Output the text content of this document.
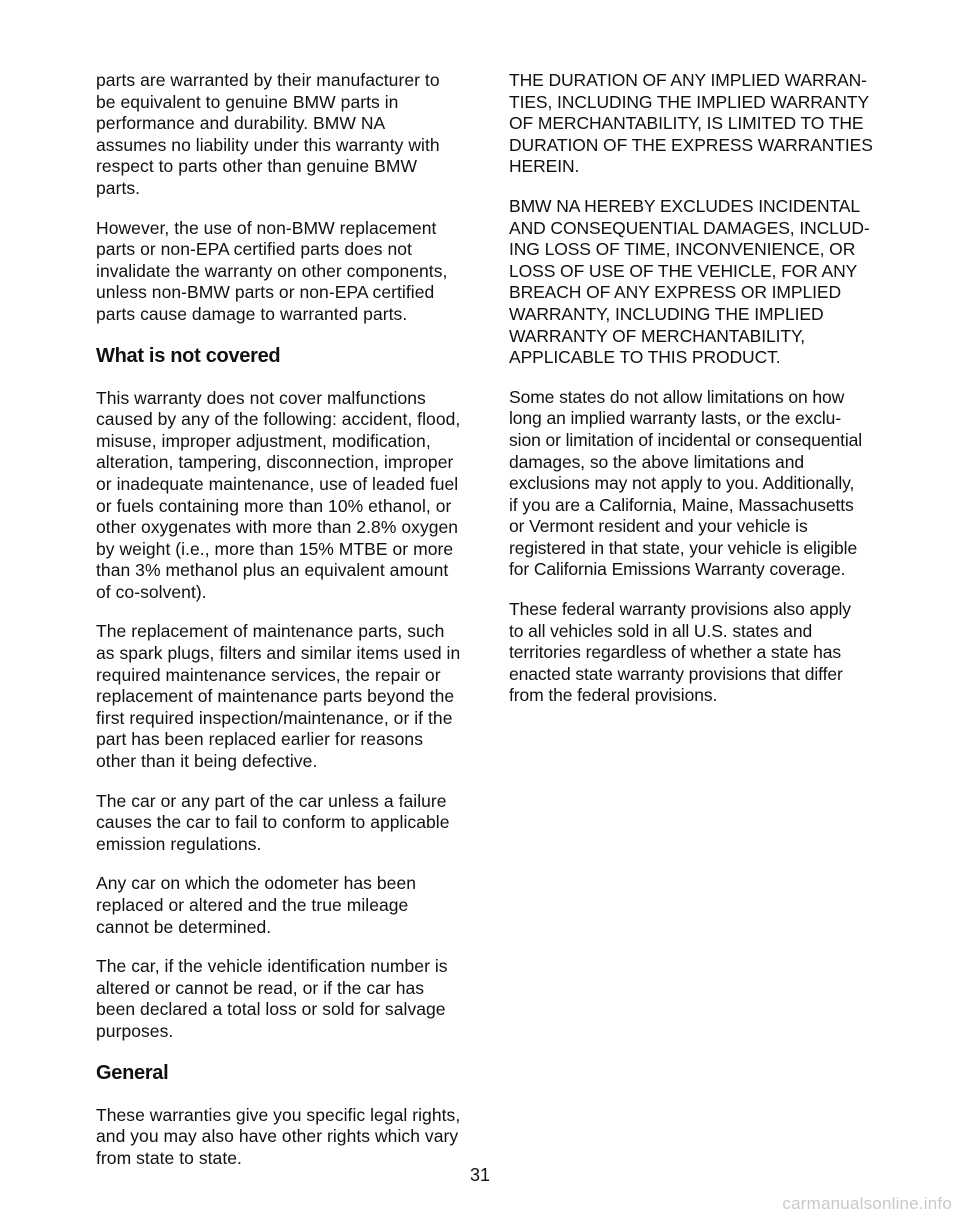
parts are warranted by their manufacturer to
be equivalent to genuine BMW parts in
performance and durability. BMW NA
assumes no liability under this warranty with
respect to parts other than genuine BMW
parts.

However, the use of non-BMW replacement
parts or non-EPA certified parts does not
invalidate the warranty on other components,
unless non-BMW parts or non-EPA certified
parts cause damage to warranted parts.

What is not covered

This warranty does not cover malfunctions
caused by any of the following: accident, flood,
misuse, improper adjustment, modification,
alteration, tampering, disconnection, improper
or inadequate maintenance, use of leaded fuel
or fuels containing more than 10% ethanol, or
other oxygenates with more than 2.8% oxygen
by weight (i.e., more than 15% MTBE or more
than 3% methanol plus an equivalent amount
of co-solvent).

The replacement of maintenance parts, such
as spark plugs, filters and similar items used in
required maintenance services, the repair or
replacement of maintenance parts beyond the
first required inspection/maintenance, or if the
part has been replaced earlier for reasons
other than it being defective.

The car or any part of the car unless a failure
causes the car to fail to conform to applicable
emission regulations.

Any car on which the odometer has been
replaced or altered and the true mileage
cannot be determined.

The car, if the vehicle identification number is
altered or cannot be read, or if the car has
been declared a total loss or sold for salvage
purposes.

General

These warranties give you specific legal rights,
and you may also have other rights which vary
from state to state.

THE DURATION OF ANY IMPLIED WARRAN-
TIES, INCLUDING THE IMPLIED WARRANTY
OF MERCHANTABILITY, IS LIMITED TO THE
DURATION OF THE EXPRESS WARRANTIES
HEREIN.

BMW NA HEREBY EXCLUDES INCIDENTAL
AND CONSEQUENTIAL DAMAGES, INCLUD-
ING LOSS OF TIME, INCONVENIENCE, OR
LOSS OF USE OF THE VEHICLE, FOR ANY
BREACH OF ANY EXPRESS OR IMPLIED
WARRANTY, INCLUDING THE IMPLIED
WARRANTY OF MERCHANTABILITY,
APPLICABLE TO THIS PRODUCT.

Some states do not allow limitations on how
long an implied warranty lasts, or the exclu-
sion or limitation of incidental or consequential
damages, so the above limitations and
exclusions may not apply to you. Additionally,
if you are a California, Maine, Massachusetts
or Vermont resident and your vehicle is
registered in that state, your vehicle is eligible
for California Emissions Warranty coverage.

These federal warranty provisions also apply
to all vehicles sold in all U.S. states and
territories regardless of whether a state has
enacted state warranty provisions that differ
from the federal provisions.

31
carmanualsonline.info
